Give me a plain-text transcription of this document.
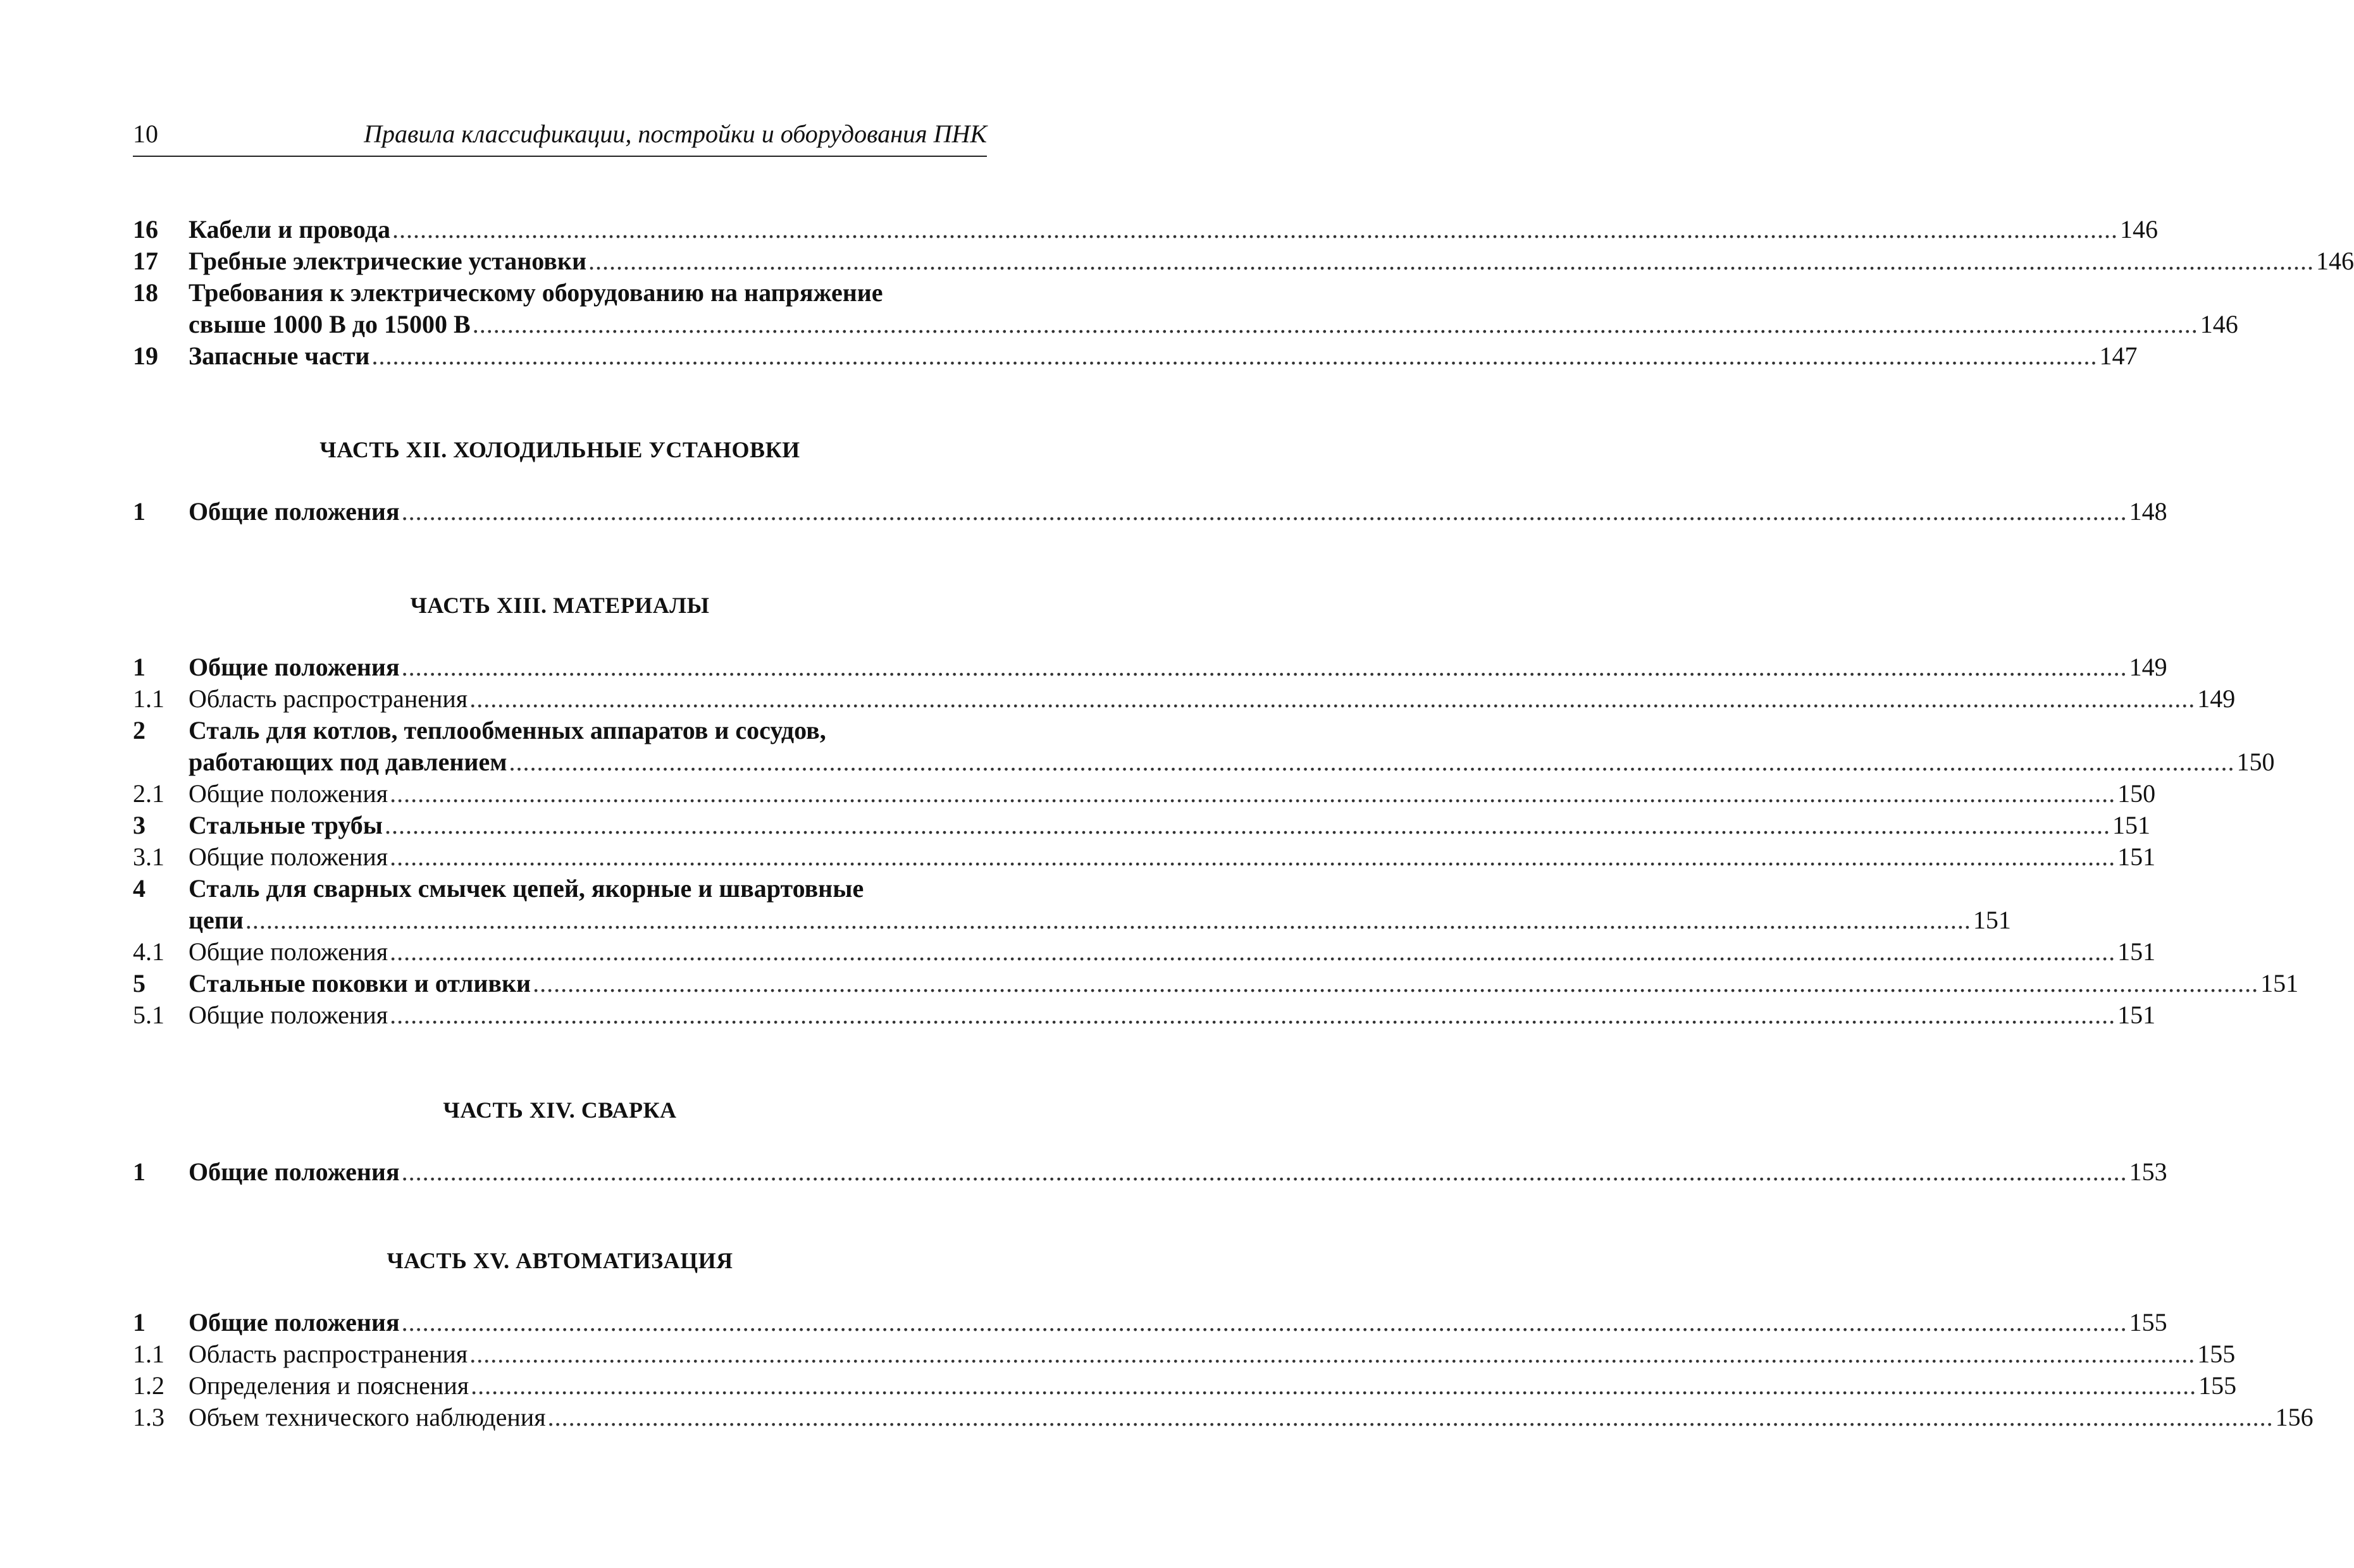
10	Правила классификации, постройки и оборудования ПНК
16 Кабели и провода ........................................................................................................................................................................................................................................................ 146
17 Гребные электрические установки ........................................................................................................................................................................................................................................................ 146
18 Требования к электрическому оборудованию на напряжение
свыше 1000 В до 15000 В ........................................................................................................................................................................................................................................................ 146
19 Запасные части ........................................................................................................................................................................................................................................................ 147
ЧАСТЬ XII. ХОЛОДИЛЬНЫЕ УСТАНОВКИ
1 Общие положения ........................................................................................................................................................................................................................................................ 148
ЧАСТЬ XIII. МАТЕРИАЛЫ
1 Общие положения ........................................................................................................................................................................................................................................................ 149
1.1 Область распространения ........................................................................................................................................................................................................................................................ 149
2 Сталь для котлов, теплообменных аппаратов и сосудов,
работающих под давлением ........................................................................................................................................................................................................................................................ 150
2.1 Общие положения ........................................................................................................................................................................................................................................................ 150
3 Стальные трубы ........................................................................................................................................................................................................................................................ 151
3.1 Общие положения ........................................................................................................................................................................................................................................................ 151
4 Сталь для сварных смычек цепей, якорные и швартовные
цепи ........................................................................................................................................................................................................................................................ 151
4.1 Общие положения ........................................................................................................................................................................................................................................................ 151
5 Стальные поковки и отливки ........................................................................................................................................................................................................................................................ 151
5.1 Общие положения ........................................................................................................................................................................................................................................................ 151
ЧАСТЬ XIV. СВАРКА
1 Общие положения ........................................................................................................................................................................................................................................................ 153
ЧАСТЬ XV. АВТОМАТИЗАЦИЯ
1 Общие положения ........................................................................................................................................................................................................................................................ 155
1.1 Область распространения ........................................................................................................................................................................................................................................................ 155
1.2 Определения и пояснения ........................................................................................................................................................................................................................................................ 155
1.3 Объем технического наблюдения ........................................................................................................................................................................................................................................................ 156
